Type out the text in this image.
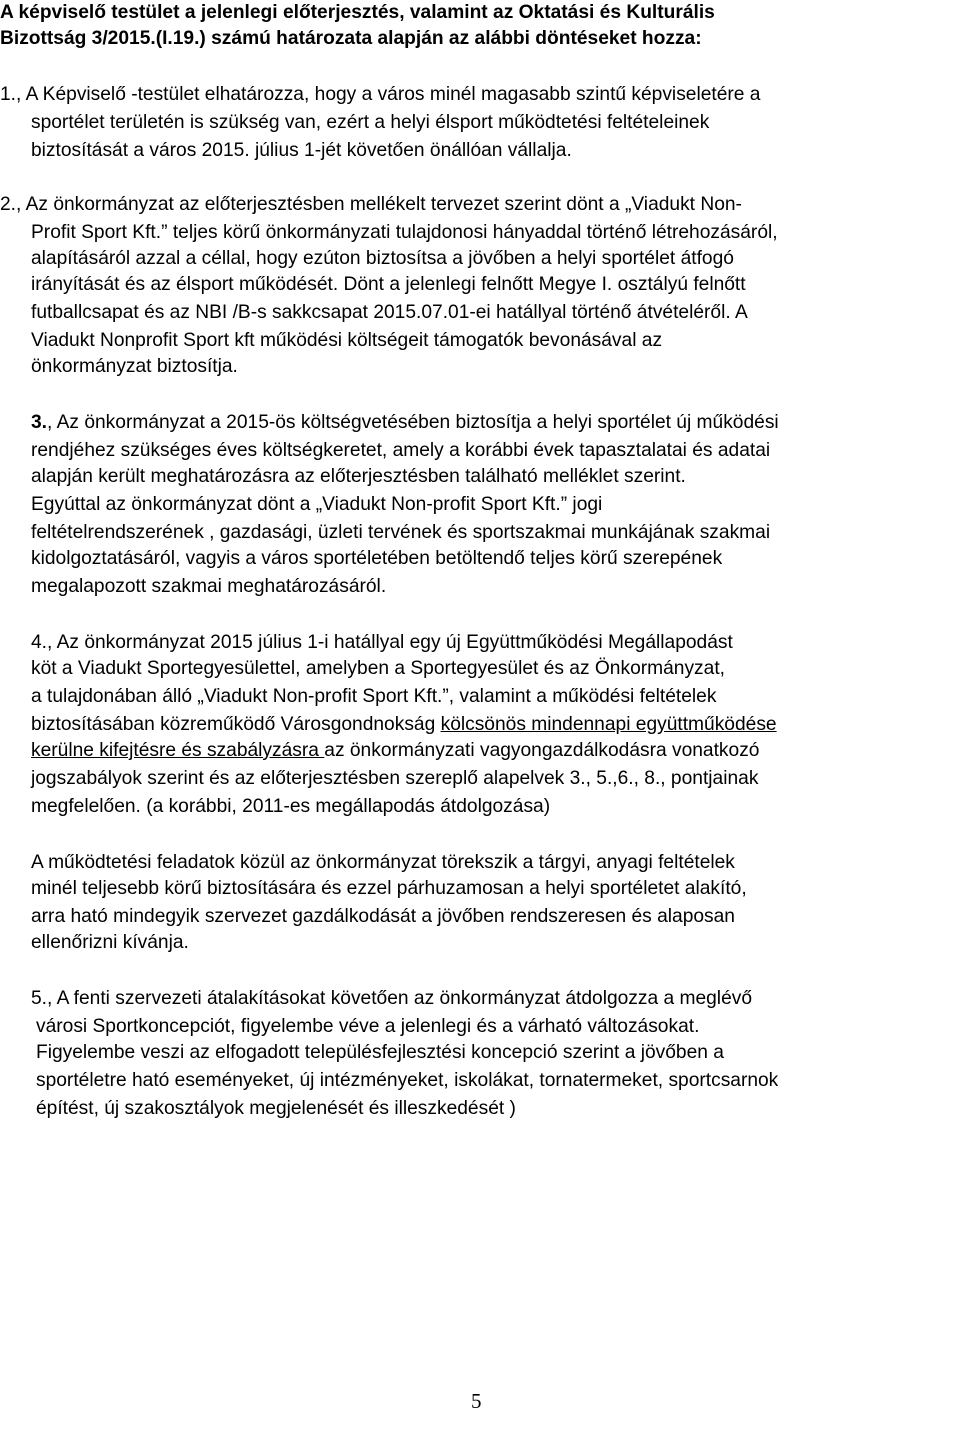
A képviselő testület a jelenlegi előterjesztés, valamint az Oktatási és Kulturális
Bizottság 3/2015.(I.19.) számú határozata alapján az alábbi döntéseket hozza:
1., A Képviselő -testület elhatározza, hogy a város minél magasabb szintű képviseletére a
sportélet területén is szükség van, ezért a helyi élsport működtetési feltételeinek
biztosítását a város 2015. július 1-jét követően önállóan vállalja.
2., Az önkormányzat az előterjesztésben mellékelt tervezet szerint dönt a „Viadukt Non-
Profit Sport Kft.” teljes körű önkormányzati tulajdonosi hányaddal történő létrehozásáról,
alapításáról azzal a céllal, hogy ezúton biztosítsa a jövőben a helyi sportélet átfogó
irányítását és az élsport működését. Dönt a jelenlegi felnőtt Megye I. osztályú felnőtt
futballcsapat és az NBI /B-s sakkcsapat 2015.07.01-ei hatállyal történő átvételéről. A
Viadukt Nonprofit Sport kft működési költségeit támogatók bevonásával az
önkormányzat biztosítja.
3., Az önkormányzat a 2015-ös költségvetésében biztosítja a helyi sportélet új működési
rendjéhez szükséges éves költségkeretet, amely a korábbi évek tapasztalatai és adatai
alapján került meghatározásra az előterjesztésben található melléklet szerint.
Egyúttal az önkormányzat dönt a „Viadukt Non-profit Sport Kft.” jogi
feltételrendszerének , gazdasági, üzleti tervének és sportszakmai munkájának szakmai
kidolgoztatásáról, vagyis a város sportéletében betöltendő teljes körű szerepének
megalapozott szakmai meghatározásáról.
4., Az önkormányzat 2015 július 1-i hatállyal egy új Együttműködési Megállapodást
köt a Viadukt Sportegyesülettel, amelyben a Sportegyesület és az Önkormányzat,
a tulajdonában álló „Viadukt Non-profit Sport Kft.”, valamint a működési feltételek
biztosításában közreműködő Városgondnokság kölcsönös mindennapi együttműködése
kerülne kifejtésre és szabályzásra az önkormányzati vagyongazdálkodásra vonatkozó
jogszabályok szerint és az előterjesztésben szereplő alapelvek 3., 5.,6., 8., pontjainak
megfelelően. (a korábbi, 2011-es megállapodás átdolgozása)
A működtetési feladatok közül az önkormányzat törekszik a tárgyi, anyagi feltételek
minél teljesebb körű biztosítására és ezzel párhuzamosan a helyi sportéletet alakító,
arra ható mindegyik szervezet gazdálkodását a jövőben rendszeresen és alaposan
ellenőrizni kívánja.
5., A fenti szervezeti átalakításokat követően az önkormányzat átdolgozza a meglévő
városi Sportkoncepciót, figyelembe véve a jelenlegi és a várható változásokat.
Figyelembe veszi az elfogadott településfejlesztési koncepció szerint a jövőben a
sportéletre ható eseményeket, új intézményeket, iskolákat, tornatermeket, sportcsarnok
építést, új szakosztályok megjelenését és illeszkedését )
5
